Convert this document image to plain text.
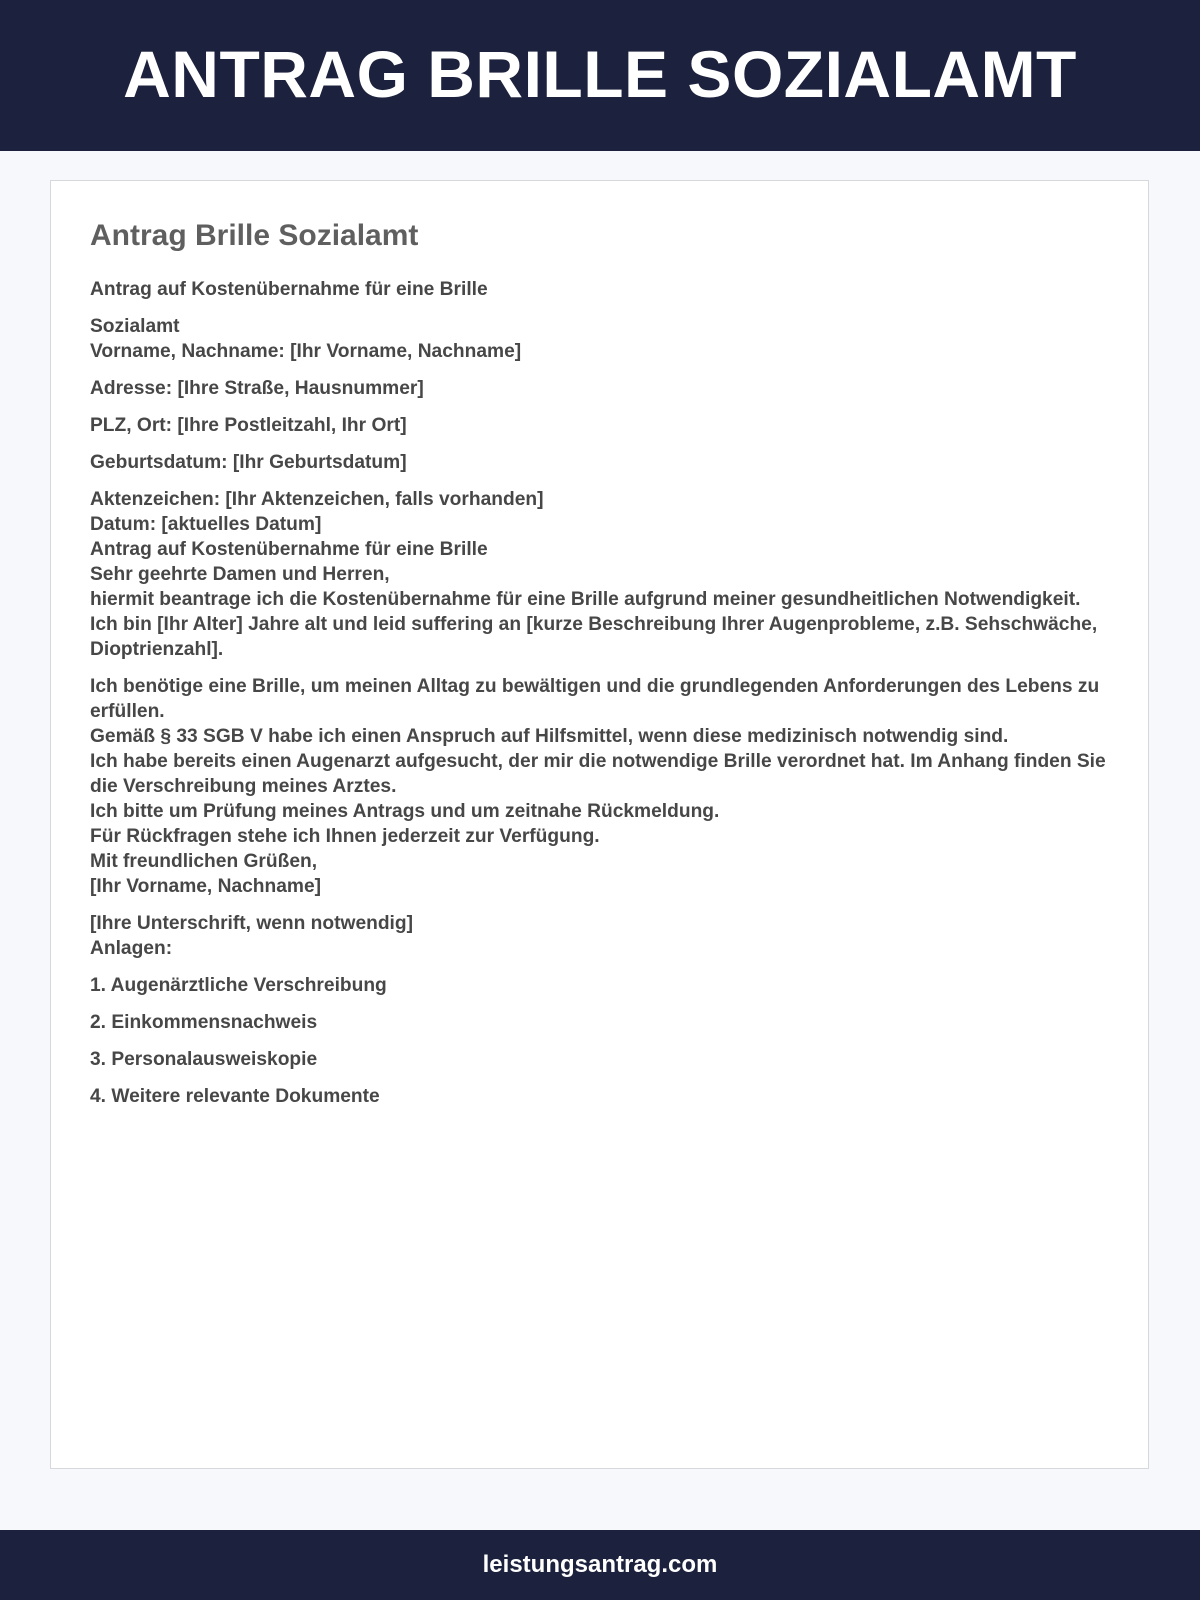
ANTRAG BRILLE SOZIALAMT
Antrag Brille Sozialamt

Antrag auf Kostenübernahme für eine Brille

Sozialamt
Vorname, Nachname: [Ihr Vorname, Nachname]

Adresse: [Ihre Straße, Hausnummer]

PLZ, Ort: [Ihre Postleitzahl, Ihr Ort]

Geburtsdatum: [Ihr Geburtsdatum]

Aktenzeichen: [Ihr Aktenzeichen, falls vorhanden]
Datum: [aktuelles Datum]
Antrag auf Kostenübernahme für eine Brille
Sehr geehrte Damen und Herren,
hiermit beantrage ich die Kostenübernahme für eine Brille aufgrund meiner gesundheitlichen Notwendigkeit.
Ich bin [Ihr Alter] Jahre alt und leid suffering an [kurze Beschreibung Ihrer Augenprobleme, z.B. Sehschwäche, Dioptrienzahl].

Ich benötige eine Brille, um meinen Alltag zu bewältigen und die grundlegenden Anforderungen des Lebens zu erfüllen.
Gemäß § 33 SGB V habe ich einen Anspruch auf Hilfsmittel, wenn diese medizinisch notwendig sind.
Ich habe bereits einen Augenarzt aufgesucht, der mir die notwendige Brille verordnet hat. Im Anhang finden Sie die Verschreibung meines Arztes.
Ich bitte um Prüfung meines Antrags und um zeitnahe Rückmeldung.
Für Rückfragen stehe ich Ihnen jederzeit zur Verfügung.
Mit freundlichen Grüßen,
[Ihr Vorname, Nachname]

[Ihre Unterschrift, wenn notwendig]
Anlagen:

1. Augenärztliche Verschreibung

2. Einkommensnachweis

3. Personalausweiskopie

4. Weitere relevante Dokumente

leistungsantrag.com
